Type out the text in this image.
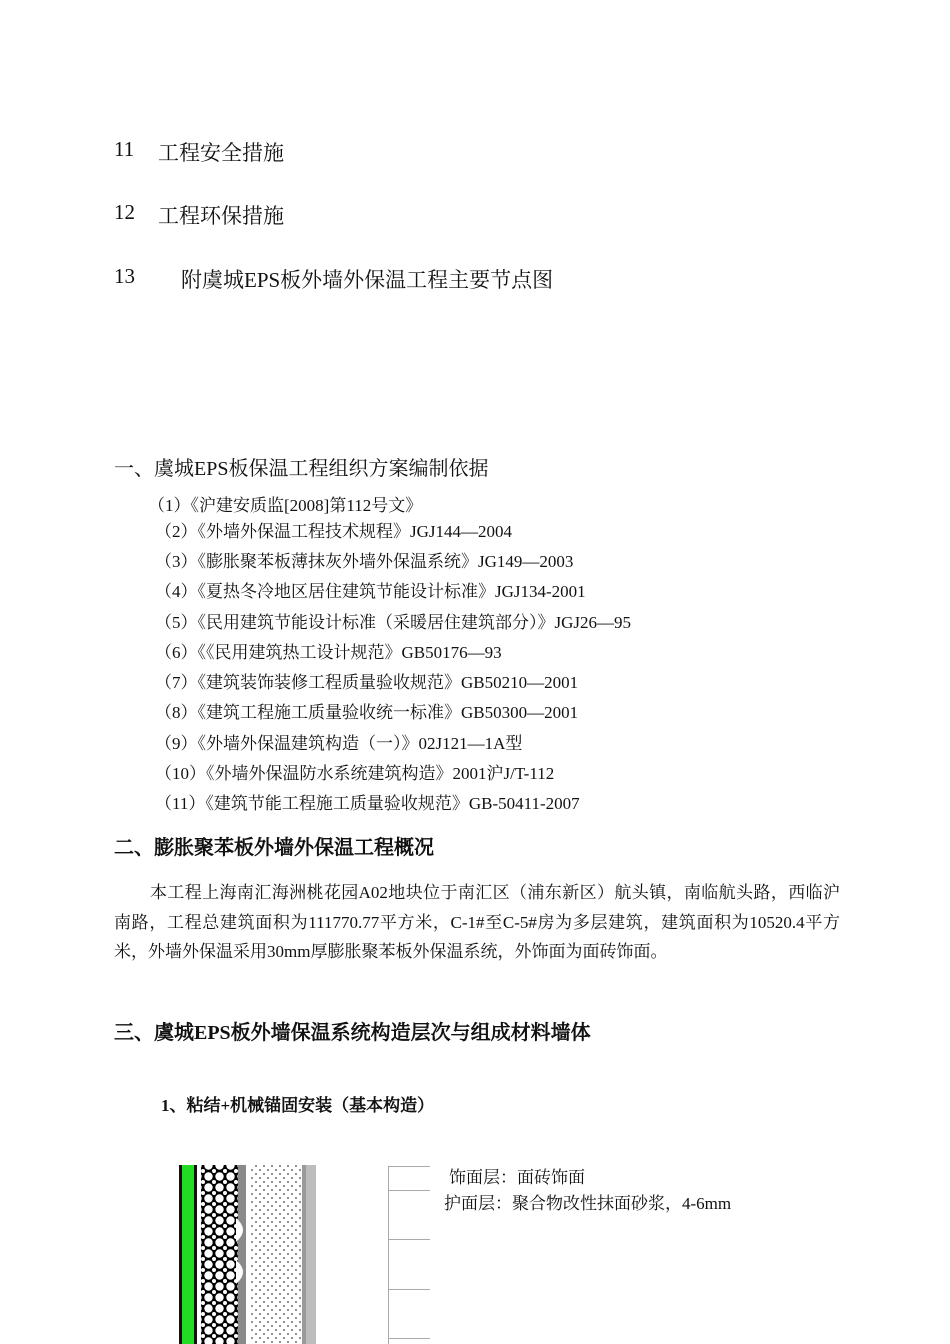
11 工程安全措施
12 工程环保措施
13 附虞城EPS板外墙外保温工程主要节点图
一、虞城EPS板保温工程组织方案编制依据
（1）《沪建安质监[2008]第112号文》
（2）《外墙外保温工程技术规程》JGJ144—2004
（3）《膨胀聚苯板薄抹灰外墙外保温系统》JG149—2003
（4）《夏热冬冷地区居住建筑节能设计标准》JGJ134-2001
（5）《民用建筑节能设计标准（采暖居住建筑部分）》JGJ26—95
（6）《《民用建筑热工设计规范》GB50176—93
（7）《建筑装饰装修工程质量验收规范》GB50210—2001
（8）《建筑工程施工质量验收统一标准》GB50300—2001
（9）《外墙外保温建筑构造（一）》02J121—1A型
（10）《外墙外保温防水系统建筑构造》2001沪J/T-112
（11）《建筑节能工程施工质量验收规范》GB-50411-2007
二、膨胀聚苯板外墙外保温工程概况
本工程上海南汇海洲桃花园A02地块位于南汇区（浦东新区）航头镇，南临航头路，西临沪南路，工程总建筑面积为111770.77平方米，C-1#至C-5#房为多层建筑，建筑面积为10520.4平方米，外墙外保温采用30mm厚膨胀聚苯板外保温系统，外饰面为面砖饰面。
三、虞城EPS板外墙保温系统构造层次与组成材料墙体
1、粘结+机械锚固安装（基本构造）
饰面层：面砖饰面
护面层：聚合物改性抹面砂浆，4-6mm
